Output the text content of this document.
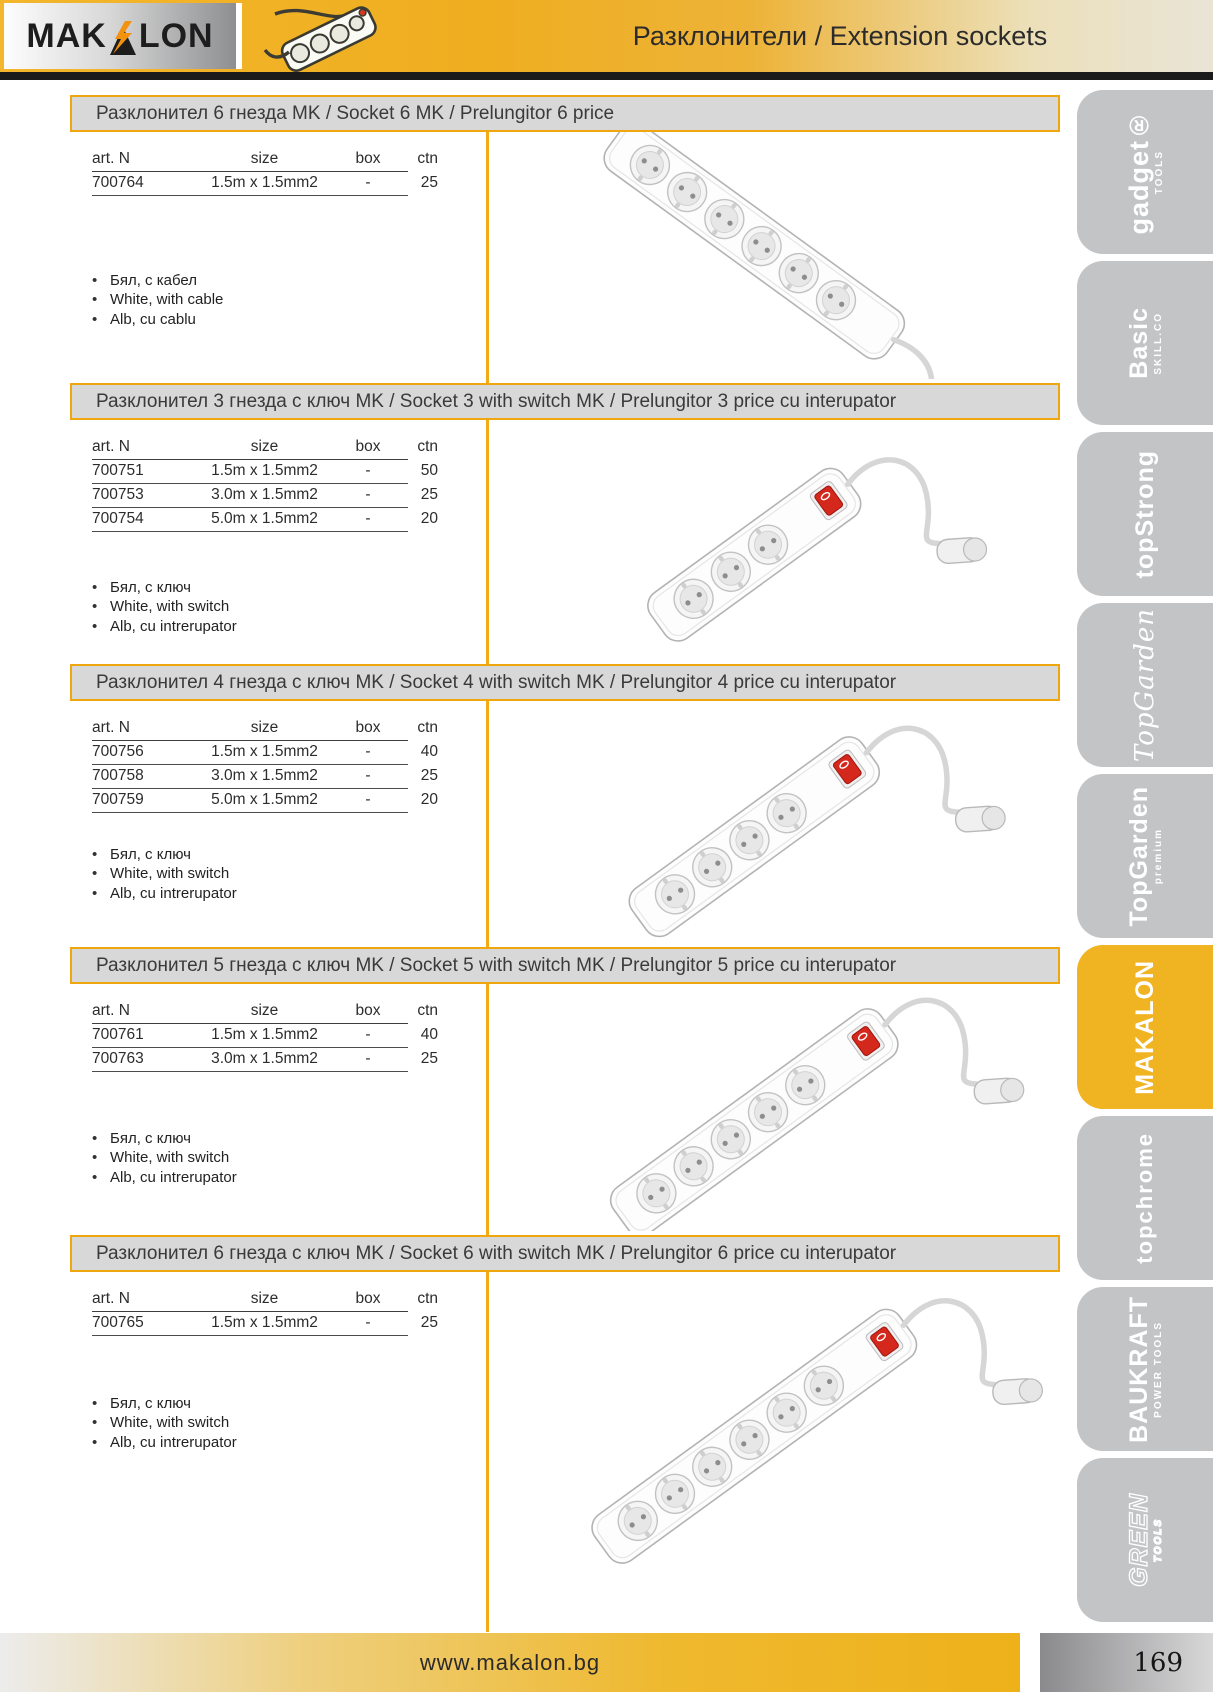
MAK LON	Разклонители / Extension sockets
Разклонител 6 гнезда MK / Socket 6 MK / Prelungitor 6 price
art. N	size	box	ctn
700764	1.5m x 1.5mm2	-	25
• Бял, с кабел
• White, with cable
• Alb, cu cablu
Разклонител 3 гнезда с ключ MK / Socket 3 with switch MK / Prelungitor 3 price cu interupator
art. N	size	box	ctn
700751	1.5m x 1.5mm2	-	50
700753	3.0m x 1.5mm2	-	25
700754	5.0m x 1.5mm2	-	20
• Бял, с ключ
• White, with switch
• Alb, cu intrerupator
Разклонител 4 гнезда с ключ MK / Socket 4 with switch MK / Prelungitor 4 price cu interupator
art. N	size	box	ctn
700756	1.5m x 1.5mm2	-	40
700758	3.0m x 1.5mm2	-	25
700759	5.0m x 1.5mm2	-	20
• Бял, с ключ
• White, with switch
• Alb, cu intrerupator
Разклонител 5 гнезда с ключ MK / Socket 5 with switch MK / Prelungitor 5 price cu interupator
art. N	size	box	ctn
700761	1.5m x 1.5mm2	-	40
700763	3.0m x 1.5mm2	-	25
• Бял, с ключ
• White, with switch
• Alb, cu intrerupator
Разклонител 6 гнезда с ключ MK / Socket 6 with switch MK / Prelungitor 6 price cu interupator
art. N	size	box	ctn
700765	1.5m x 1.5mm2	-	25
• Бял, с ключ
• White, with switch
• Alb, cu intrerupator
gadget® TOOLS
Basic SKILL.CO
topStrong
TopGarden
TopGarden premium
MAKALON
topchrome
BAUKRAFT POWER TOOLS
GREEN TOOLS
www.makalon.bg	169
